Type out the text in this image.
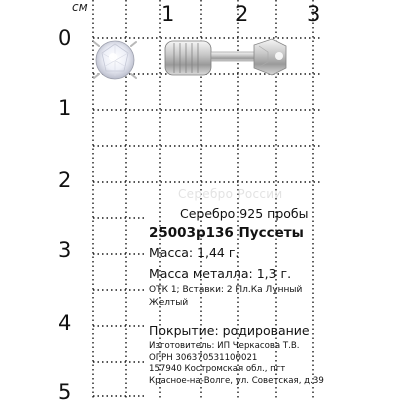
см	1	2	3
0
1
2
3
4
5
Серебро России
Серебро 925 пробы
25003р136 Пуссеты
Масса: 1,44 г.
Масса металла: 1,3 г.
ОТК 1; Вставки: 2 Пл.Ка Лунный Желтый
Покрытие: родирование
Изготовитель: ИП Черкасова Т.В.
ОГРН 306370531100021
157940 Костромская обл., пгт
Красное-на-Волге, ул. Советская, д.39
